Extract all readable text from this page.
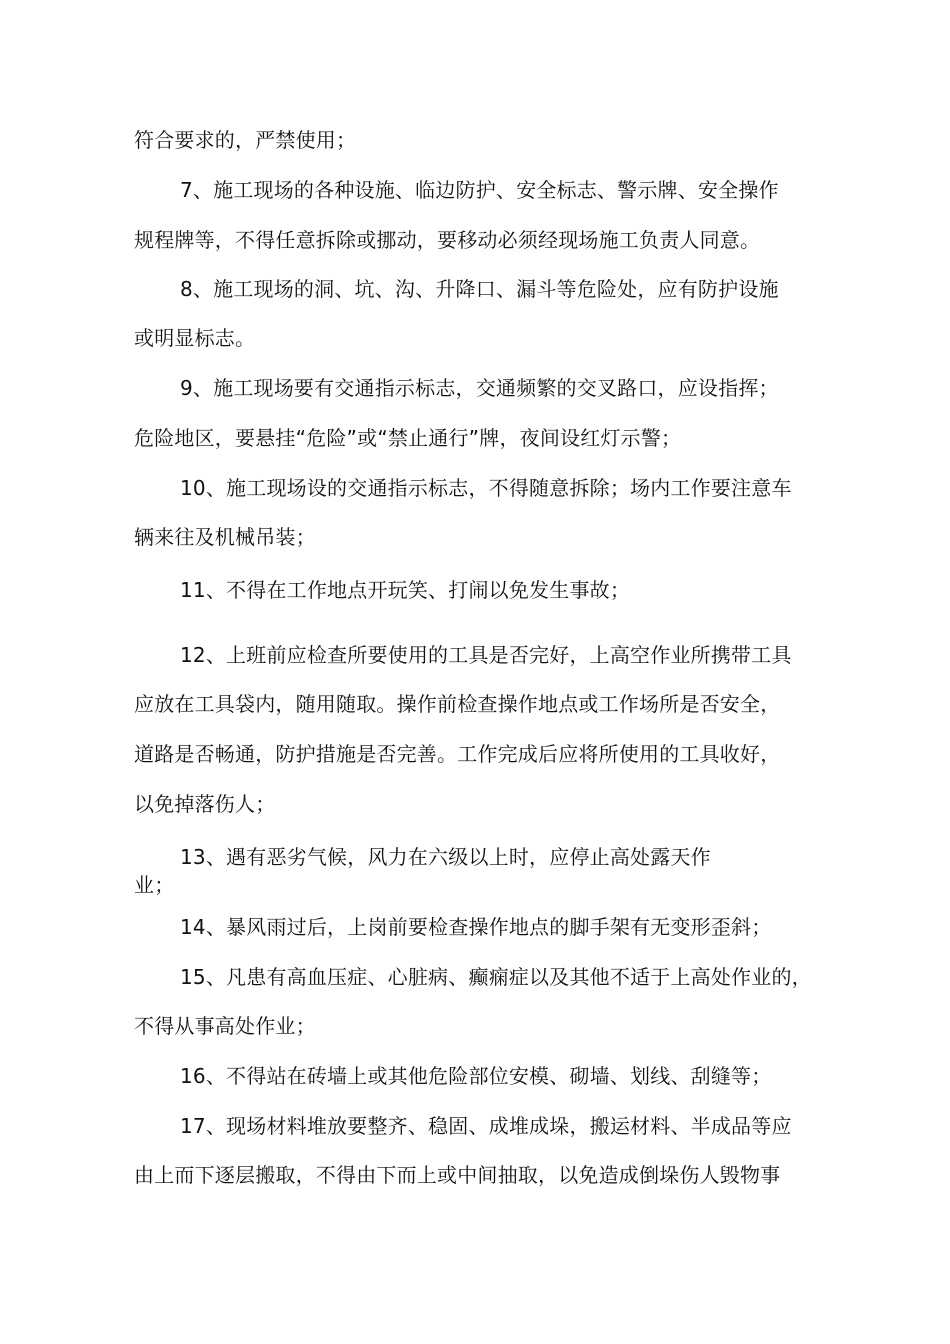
符合要求的，严禁使用；
7、施工现场的各种设施、临边防护、安全标志、警示牌、安全操作
规程牌等，不得任意拆除或挪动，要移动必须经现场施工负责人同意。
8、施工现场的洞、坑、沟、升降口、漏斗等危险处，应有防护设施
或明显标志。
9、施工现场要有交通指示标志，交通频繁的交叉路口，应设指挥；
危险地区，要悬挂“危险”或“禁止通行”牌，夜间设红灯示警；
10、施工现场设的交通指示标志，不得随意拆除；场内工作要注意车
辆来往及机械吊装；
11、不得在工作地点开玩笑、打闹以免发生事故；
12、上班前应检查所要使用的工具是否完好，上高空作业所携带工具
应放在工具袋内，随用随取。操作前检查操作地点或工作场所是否安全，
道路是否畅通，防护措施是否完善。工作完成后应将所使用的工具收好，
以免掉落伤人；
13、遇有恶劣气候，风力在六级以上时，应停止高处露天作
业；
14、暴风雨过后，上岗前要检查操作地点的脚手架有无变形歪斜；
15、凡患有高血压症、心脏病、癫痫症以及其他不适于上高处作业的，
不得从事高处作业；
16、不得站在砖墙上或其他危险部位安模、砌墙、划线、刮缝等；
17、现场材料堆放要整齐、稳固、成堆成垛，搬运材料、半成品等应
由上而下逐层搬取，不得由下而上或中间抽取，以免造成倒垛伤人毁物事
